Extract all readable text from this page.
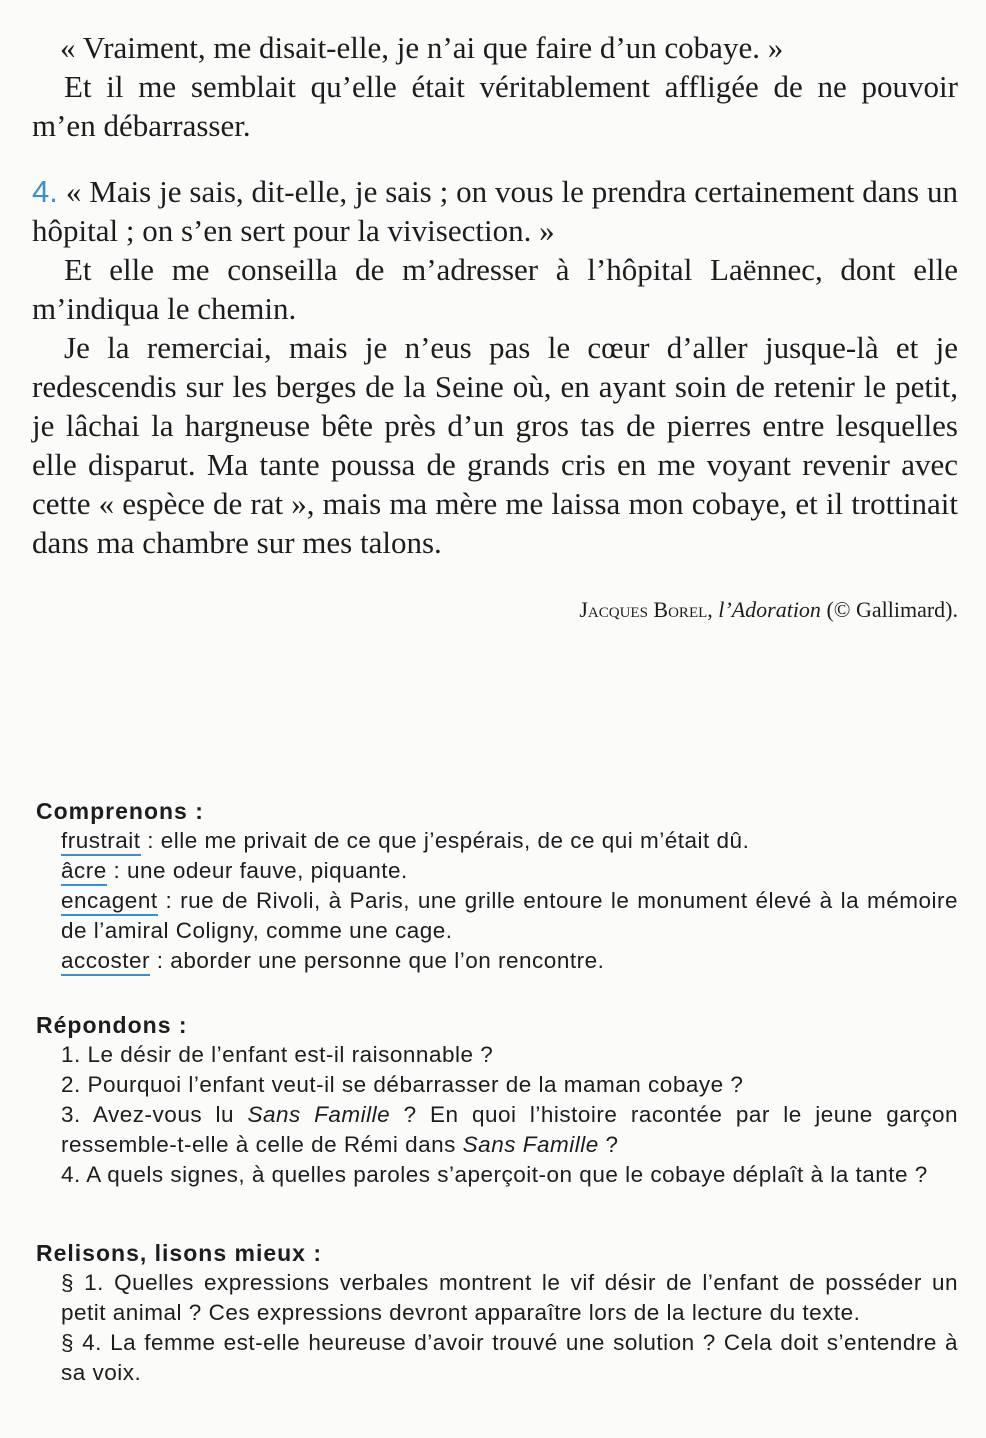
« Vraiment, me disait-elle, je n’ai que faire d’un cobaye. »

Et il me semblait qu’elle était véritablement affligée de ne pouvoir m’en débarrasser.

4. « Mais je sais, dit-elle, je sais ; on vous le prendra certainement dans un hôpital ; on s’en sert pour la vivisection. »

Et elle me conseilla de m’adresser à l’hôpital Laënnec, dont elle m’indiqua le chemin.

Je la remerciai, mais je n’eus pas le cœur d’aller jusque-là et je redescendis sur les berges de la Seine où, en ayant soin de retenir le petit, je lâchai la hargneuse bête près d’un gros tas de pierres entre lesquelles elle disparut. Ma tante poussa de grands cris en me voyant revenir avec cette « espèce de rat », mais ma mère me laissa mon cobaye, et il trottinait dans ma chambre sur mes talons.

Jacques Borel, l’Adoration (© Gallimard).
Comprenons :
frustrait : elle me privait de ce que j’espérais, de ce qui m’était dû.
âcre : une odeur fauve, piquante.
encagent : rue de Rivoli, à Paris, une grille entoure le monument élevé à la mémoire de l’amiral Coligny, comme une cage.
accoster : aborder une personne que l’on rencontre.
Répondons :
1. Le désir de l’enfant est-il raisonnable ?
2. Pourquoi l’enfant veut-il se débarrasser de la maman cobaye ?
3. Avez-vous lu Sans Famille ? En quoi l’histoire racontée par le jeune garçon ressemble-t-elle à celle de Rémi dans Sans Famille ?
4. A quels signes, à quelles paroles s’aperçoit-on que le cobaye déplaît à la tante ?
Relisons, lisons mieux :
§ 1. Quelles expressions verbales montrent le vif désir de l’enfant de posséder un petit animal ? Ces expressions devront apparaître lors de la lecture du texte.
§ 4. La femme est-elle heureuse d’avoir trouvé une solution ? Cela doit s’entendre à sa voix.
